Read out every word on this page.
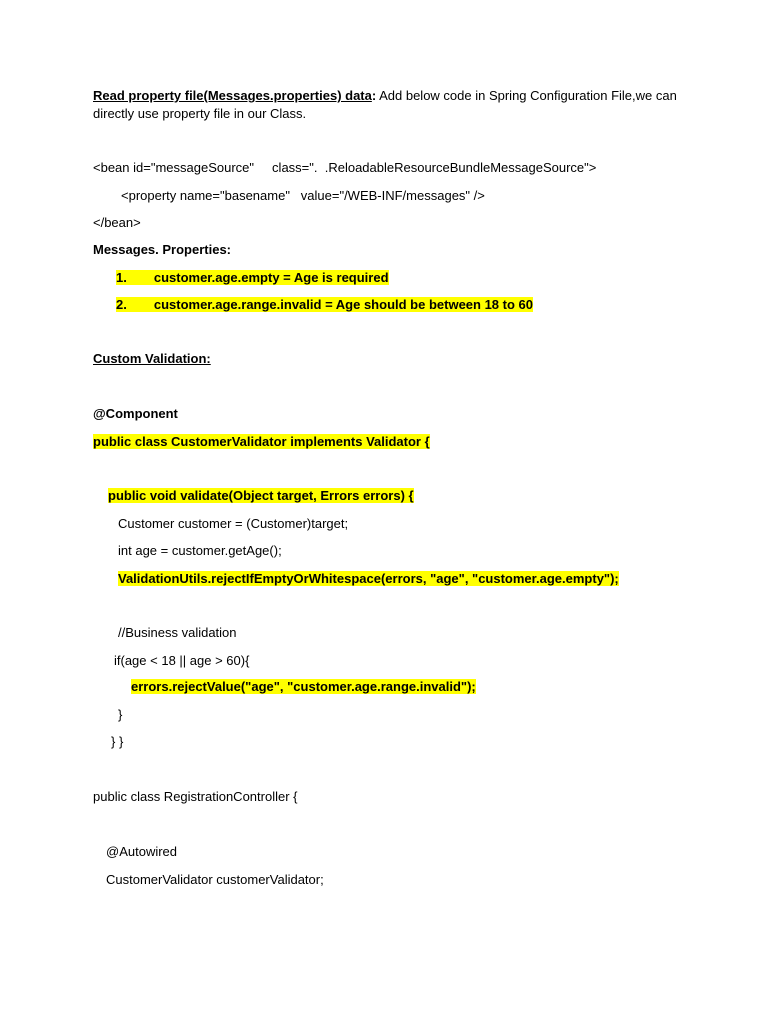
Read property file(Messages.properties) data: Add below code in Spring Configuration File,we can
directly use property file in our Class.
<bean id="messageSource"     class=".  .ReloadableResourceBundleMessageSource">
<property name="basename"   value="/WEB-INF/messages" />
</bean>
Messages. Properties:
1.   customer.age.empty = Age is required
2.   customer.age.range.invalid = Age should be between 18 to 60
Custom Validation:
@Component
public class CustomerValidator implements Validator {
public void validate(Object target, Errors errors) {
Customer customer = (Customer)target;
int age = customer.getAge();
ValidationUtils.rejectIfEmptyOrWhitespace(errors, "age", "customer.age.empty");
//Business validation
if(age < 18 || age > 60){
errors.rejectValue("age", "customer.age.range.invalid");
}
} }
public class RegistrationController {
@Autowired
CustomerValidator customerValidator;
